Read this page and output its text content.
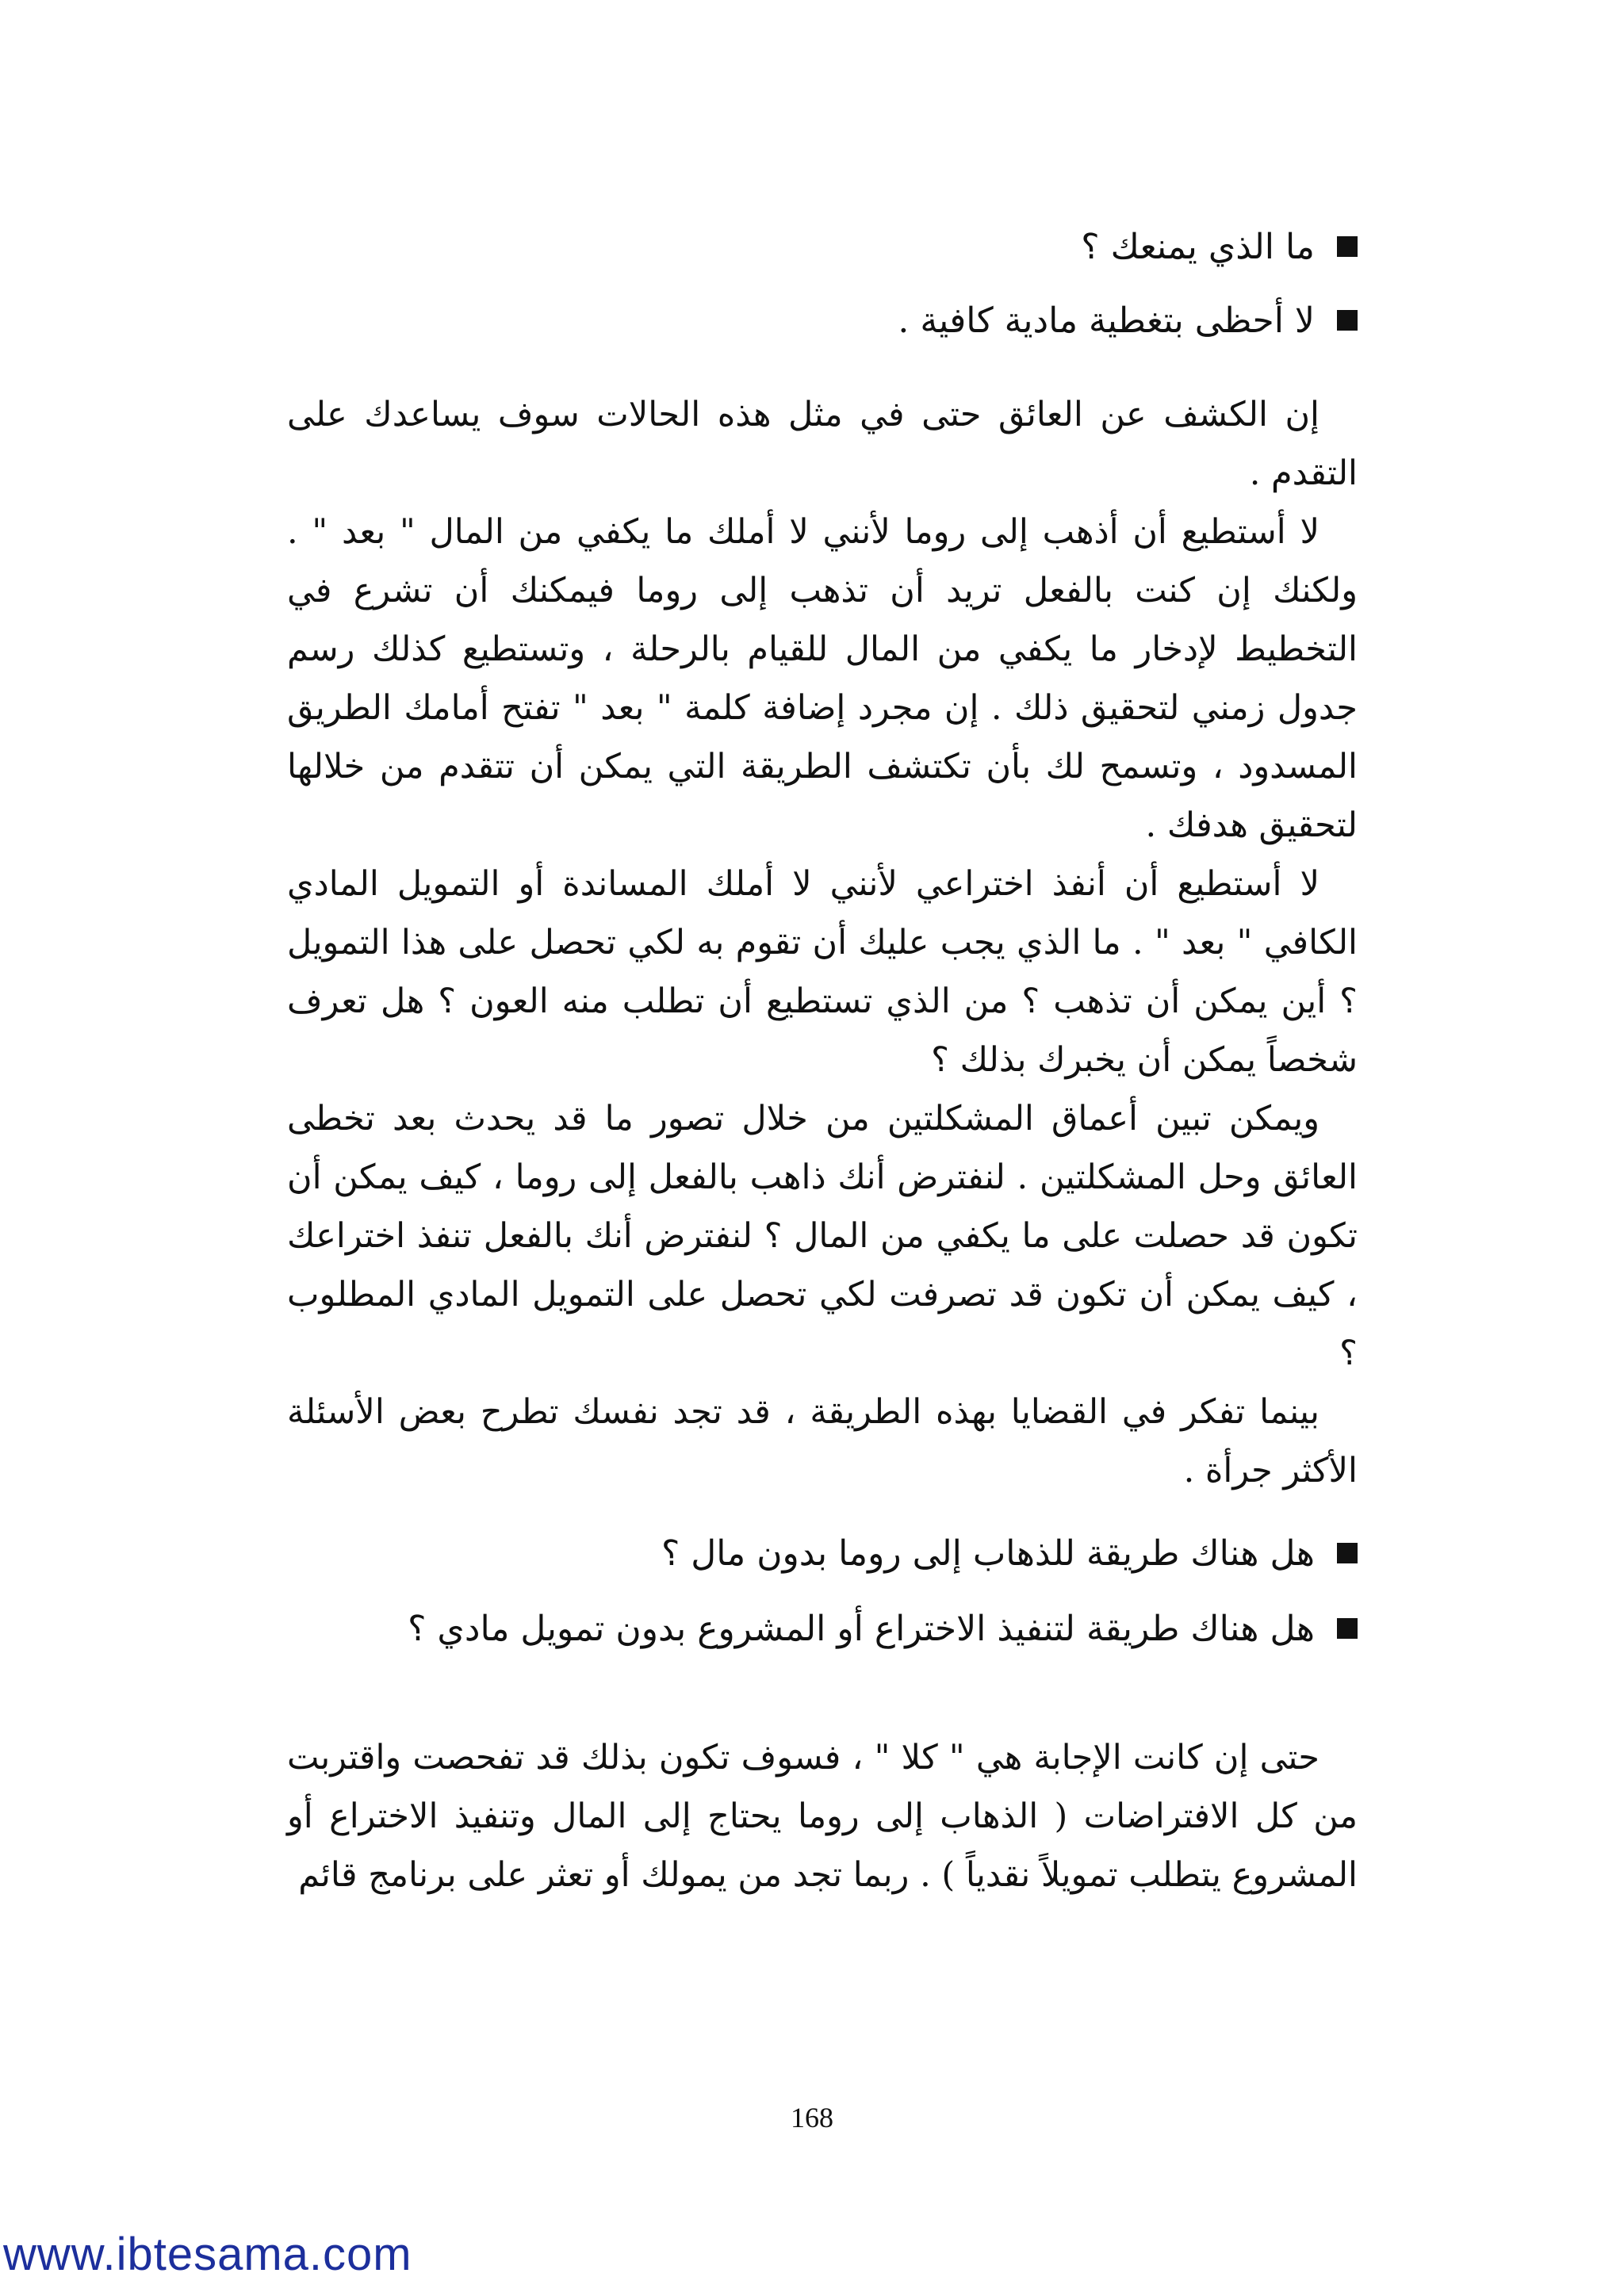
ما الذي يمنعك ؟
لا أحظى بتغطية مادية كافية .

إن الكشف عن العائق حتى في مثل هذه الحالات سوف يساعدك على التقدم .

لا أستطيع أن أذهب إلى روما لأنني لا أملك ما يكفي من المال " بعد " . ولكنك إن كنت بالفعل تريد أن تذهب إلى روما فيمكنك أن تشرع في التخطيط لإدخار ما يكفي من المال للقيام بالرحلة ، وتستطيع كذلك رسم جدول زمني لتحقيق ذلك . إن مجرد إضافة كلمة " بعد " تفتح أمامك الطريق المسدود ، وتسمح لك بأن تكتشف الطريقة التي يمكن أن تتقدم من خلالها لتحقيق هدفك .

لا أستطيع أن أنفذ اختراعي لأنني لا أملك المساندة أو التمويل المادي الكافي " بعد " . ما الذي يجب عليك أن تقوم به لكي تحصل على هذا التمويل ؟ أين يمكن أن تذهب ؟ من الذي تستطيع أن تطلب منه العون ؟ هل تعرف شخصاً يمكن أن يخبرك بذلك ؟

ويمكن تبين أعماق المشكلتين من خلال تصور ما قد يحدث بعد تخطى العائق وحل المشكلتين . لنفترض أنك ذاهب بالفعل إلى روما ، كيف يمكن أن تكون قد حصلت على ما يكفي من المال ؟ لنفترض أنك بالفعل تنفذ اختراعك ، كيف يمكن أن تكون قد تصرفت لكي تحصل على التمويل المادي المطلوب ؟

بينما تفكر في القضايا بهذه الطريقة ، قد تجد نفسك تطرح بعض الأسئلة الأكثر جرأة .

هل هناك طريقة للذهاب إلى روما بدون مال ؟
هل هناك طريقة لتنفيذ الاختراع أو المشروع بدون تمويل مادي ؟

حتى إن كانت الإجابة هي " كلا " ، فسوف تكون بذلك قد تفحصت واقتربت من كل الافتراضات ( الذهاب إلى روما يحتاج إلى المال وتنفيذ الاختراع أو المشروع يتطلب تمويلاً نقدياً ) . ربما تجد من يمولك أو تعثر على برنامج قائم

168
www.ibtesama.com
